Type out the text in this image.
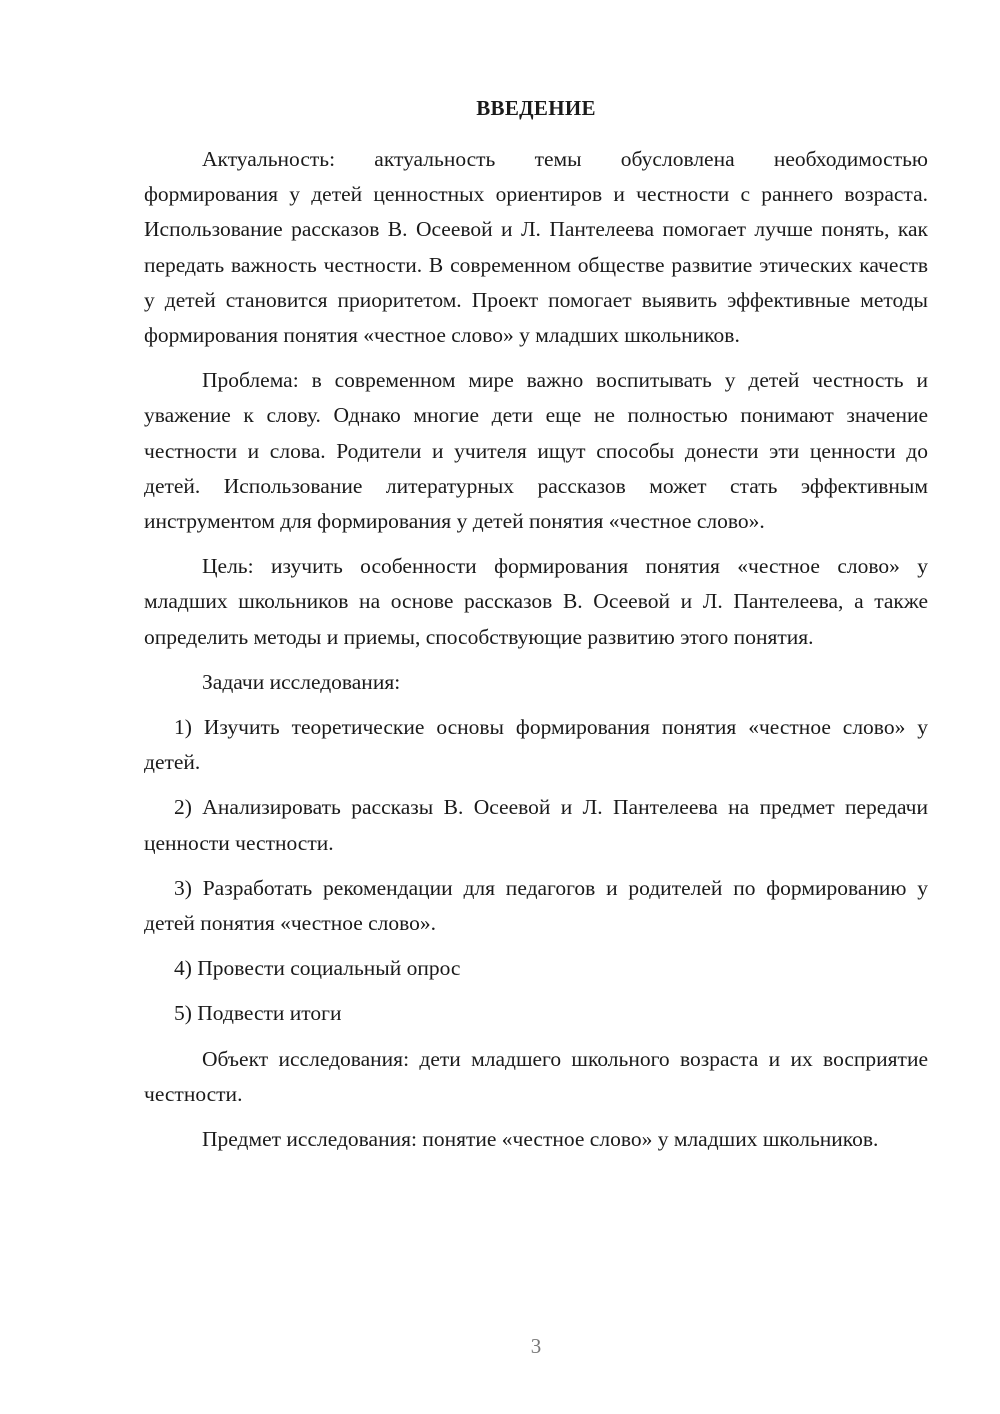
ВВЕДЕНИЕ

Актуальность: актуальность темы обусловлена необходимостью формирования у детей ценностных ориентиров и честности с раннего возраста. Использование рассказов В. Осеевой и Л. Пантелеева помогает лучше понять, как передать важность честности. В современном обществе развитие этических качеств у детей становится приоритетом. Проект помогает выявить эффективные методы формирования понятия «честное слово» у младших школьников.

Проблема: в современном мире важно воспитывать у детей честность и уважение к слову. Однако многие дети еще не полностью понимают значение честности и слова. Родители и учителя ищут способы донести эти ценности до детей. Использование литературных рассказов может стать эффективным инструментом для формирования у детей понятия «честное слово».

Цель: изучить особенности формирования понятия «честное слово» у младших школьников на основе рассказов В. Осеевой и Л. Пантелеева, а также определить методы и приемы, способствующие развитию этого понятия.

Задачи исследования:

1) Изучить теоретические основы формирования понятия «честное слово» у детей.

2) Анализировать рассказы В. Осеевой и Л. Пантелеева на предмет передачи ценности честности.

3) Разработать рекомендации для педагогов и родителей по формированию у детей понятия «честное слово».

4) Провести социальный опрос

5) Подвести итоги

Объект исследования: дети младшего школьного возраста и их восприятие честности.

Предмет исследования: понятие «честное слово» у младших школьников.

3
